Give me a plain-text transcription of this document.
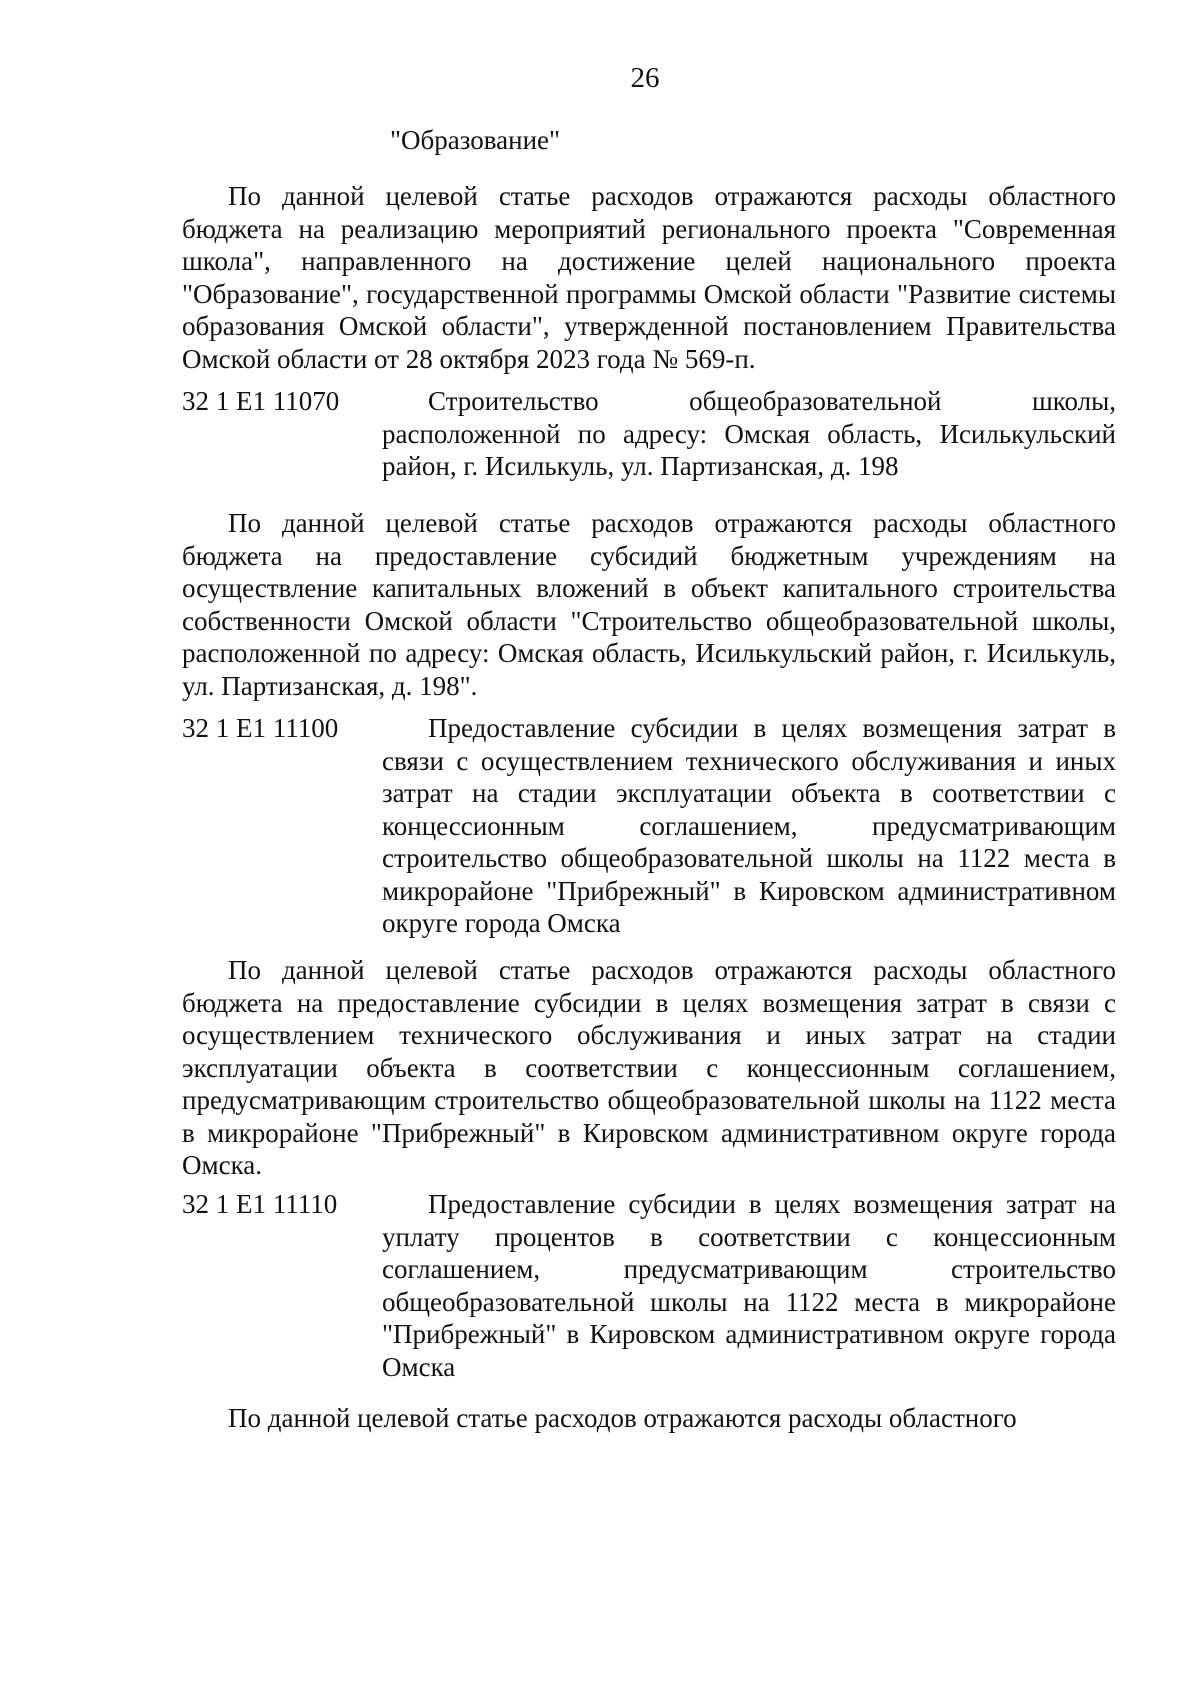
26
"Образование"

По данной целевой статье расходов отражаются расходы областного бюджета на реализацию мероприятий регионального проекта "Современная школа", направленного на достижение целей национального проекта "Образование", государственной программы Омской области "Развитие системы образования Омской области", утвержденной постановлением Правительства Омской области от 28 октября 2023 года № 569-п.

32 1 E1 11070	Строительство общеобразовательной школы, расположенной по адресу: Омская область, Исилькульский район, г. Исилькуль, ул. Партизанская, д. 198

По данной целевой статье расходов отражаются расходы областного бюджета на предоставление субсидий бюджетным учреждениям на осуществление капитальных вложений в объект капитального строительства собственности Омской области "Строительство общеобразовательной школы, расположенной по адресу: Омская область, Исилькульский район, г. Исилькуль, ул. Партизанская, д. 198".

32 1 E1 11100	Предоставление субсидии в целях возмещения затрат в связи с осуществлением технического обслуживания и иных затрат на стадии эксплуатации объекта в соответствии с концессионным соглашением, предусматривающим строительство общеобразовательной школы на 1122 места в микрорайоне "Прибрежный" в Кировском административном округе города Омска

По данной целевой статье расходов отражаются расходы областного бюджета на предоставление субсидии в целях возмещения затрат в связи с осуществлением технического обслуживания и иных затрат на стадии эксплуатации объекта в соответствии с концессионным соглашением, предусматривающим строительство общеобразовательной школы на 1122 места в микрорайоне "Прибрежный" в Кировском административном округе города Омска.

32 1 E1 11110	Предоставление субсидии в целях возмещения затрат на уплату процентов в соответствии с концессионным соглашением, предусматривающим строительство общеобразовательной школы на 1122 места в микрорайоне "Прибрежный" в Кировском административном округе города Омска

По данной целевой статье расходов отражаются расходы областного
